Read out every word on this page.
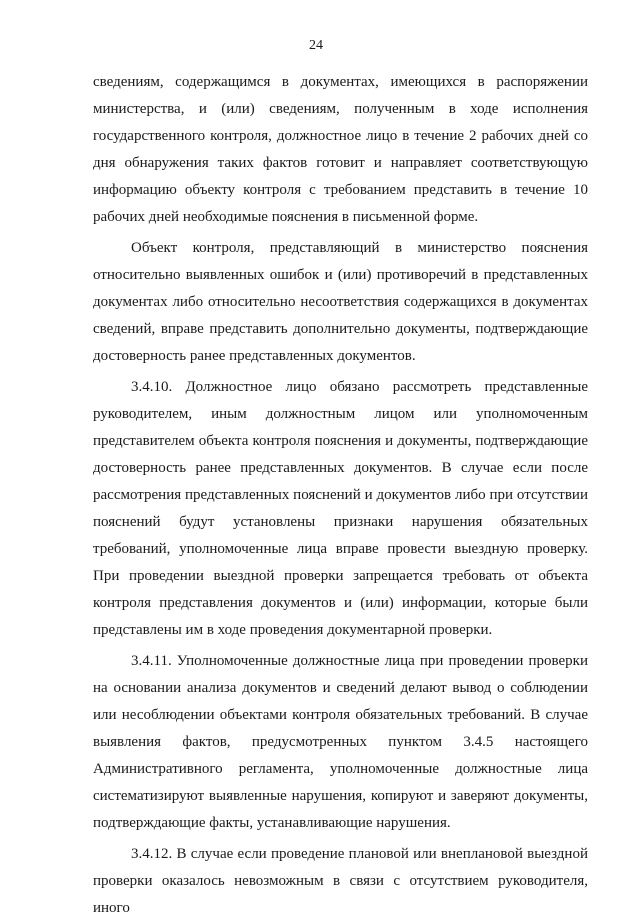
24

сведениям, содержащимся в документах, имеющихся в распоряжении министерства, и (или) сведениям, полученным в ходе исполнения государственного контроля, должностное лицо в течение 2 рабочих дней со дня обнаружения таких фактов готовит и направляет соответствующую информацию объекту контроля с требованием представить в течение 10 рабочих дней необходимые пояснения в письменной форме.

Объект контроля, представляющий в министерство пояснения относительно выявленных ошибок и (или) противоречий в представленных документах либо относительно несоответствия содержащихся в документах сведений, вправе представить дополнительно документы, подтверждающие достоверность ранее представленных документов.

3.4.10. Должностное лицо обязано рассмотреть представленные руководителем, иным должностным лицом или уполномоченным представителем объекта контроля пояснения и документы, подтверждающие достоверность ранее представленных документов. В случае если после рассмотрения представленных пояснений и документов либо при отсутствии пояснений будут установлены признаки нарушения обязательных требований, уполномоченные лица вправе провести выездную проверку. При проведении выездной проверки запрещается требовать от объекта контроля представления документов и (или) информации, которые были представлены им в ходе проведения документарной проверки.

3.4.11. Уполномоченные должностные лица при проведении проверки на основании анализа документов и сведений делают вывод о соблюдении или несоблюдении объектами контроля обязательных требований. В случае выявления фактов, предусмотренных пунктом 3.4.5 настоящего Административного регламента, уполномоченные должностные лица систематизируют выявленные нарушения, копируют и заверяют документы, подтверждающие факты, устанавливающие нарушения.

3.4.12. В случае если проведение плановой или внеплановой выездной проверки оказалось невозможным в связи с отсутствием руководителя, иного
